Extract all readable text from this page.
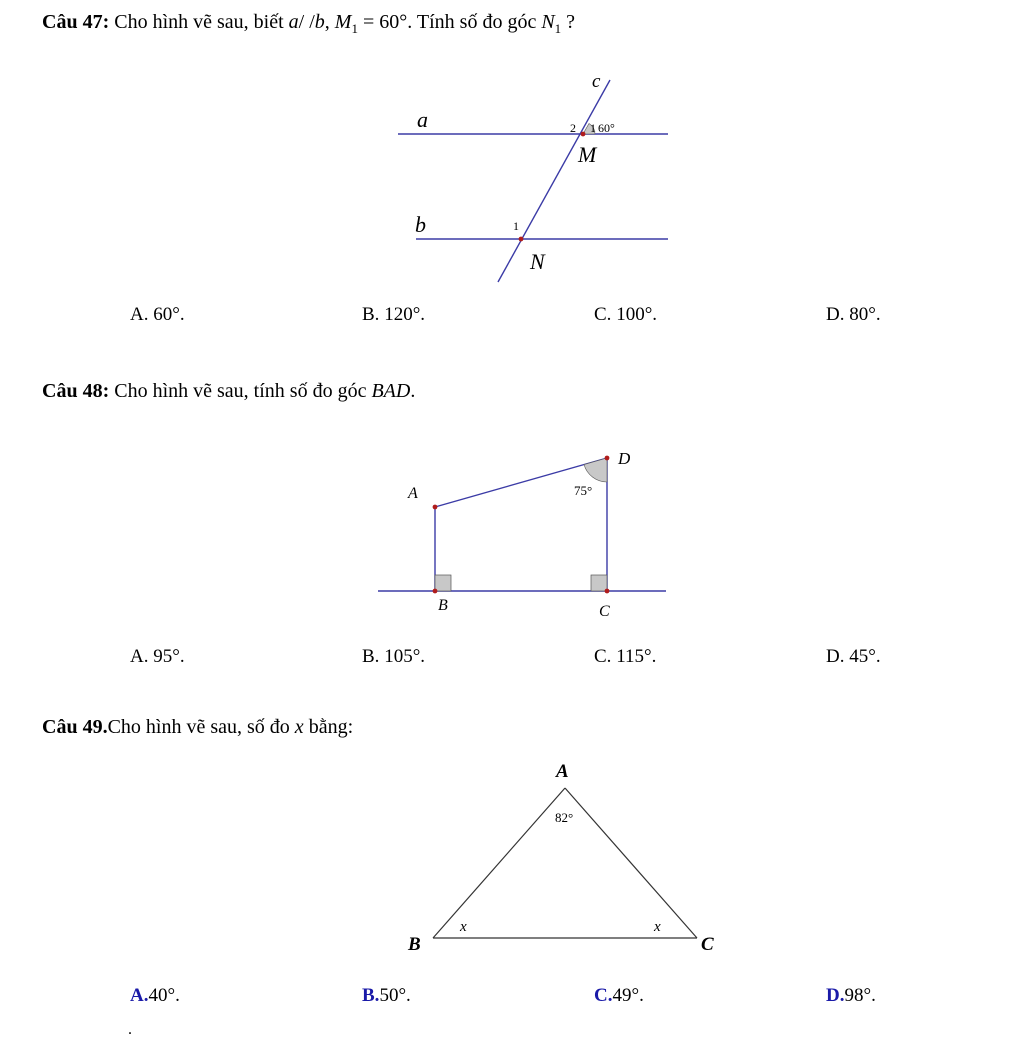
Câu 47: Cho hình vẽ sau, biết a/ /b, $M_1 = 60^\circ$. Tính số đo góc $N_1$ ?
c
a
b
2 1 60°
M
1
N
A. 60°.	B. 120°.	C. 100°.	D. 80°.
Câu 48: Cho hình vẽ sau, tính số đo góc BAD.
A
B	C
D
75°
A. 95°.	B. 105°.	C. 115°.	D. 45°.
Câu 49.Cho hình vẽ sau, số đo x bằng:
A
82°
B
x
C
x
A.40°.	B.50°.	C.49°.	D.98°.
.
